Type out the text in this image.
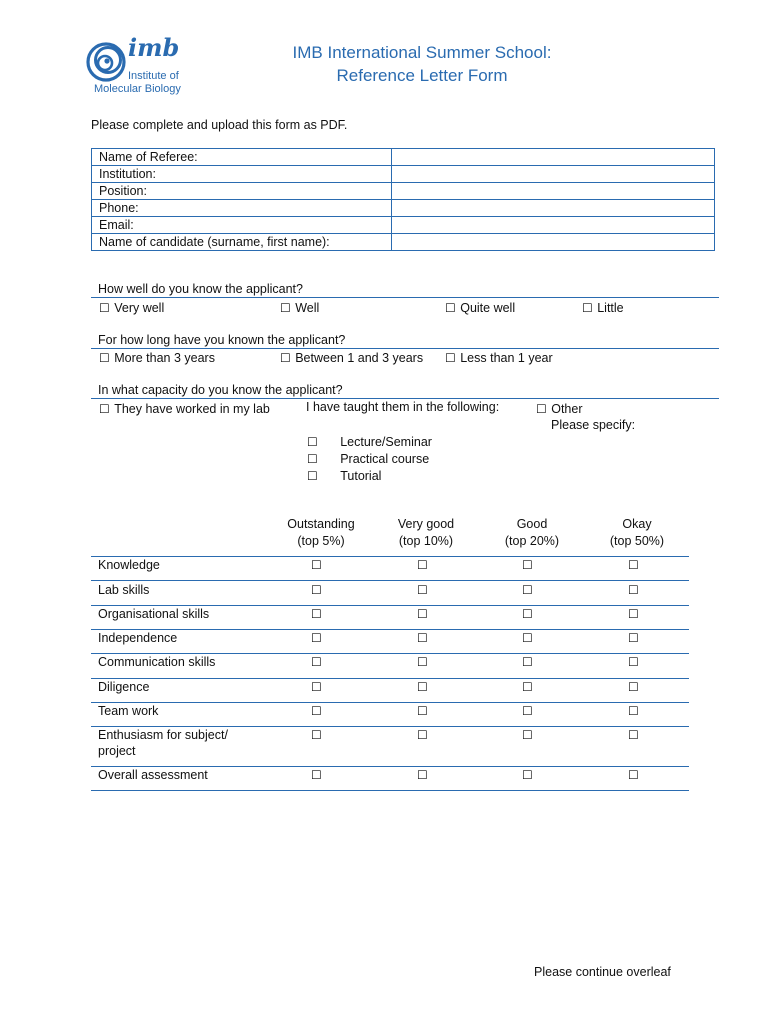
imb
Institute of
Molecular Biology
IMB International Summer School:
Reference Letter Form
Please complete and upload this form as PDF.
Name of Referee:	
Institution:	
Position:	
Phone:	
Email:	
Name of candidate (surname, first name):	
How well do you know the applicant?
☐ Very well	☐ Well	☐ Quite well	☐ Little
For how long have you known the applicant?
☐ More than 3 years	☐ Between 1 and 3 years ☐ Less than 1 year
In what capacity do you know the applicant?
☐ They have worked in my lab	I have taught them in the following:	☐ Other
Please specify:
☐ Lecture/Seminar
☐ Practical course
☐ Tutorial
Outstanding
(top 5%)
Very good
(top 10%)
Good
(top 20%)
Okay
(top 50%)
Knowledge	☐	☐	☐	☐
Lab skills	☐	☐	☐	☐
Organisational skills	☐	☐	☐	☐
Independence	☐	☐	☐	☐
Communication skills	☐	☐	☐	☐
Diligence	☐	☐	☐	☐
Team work	☐	☐	☐	☐
Enthusiasm for subject/
project
☐	☐	☐	☐
Overall assessment	☐	☐	☐	☐
Please continue overleaf
